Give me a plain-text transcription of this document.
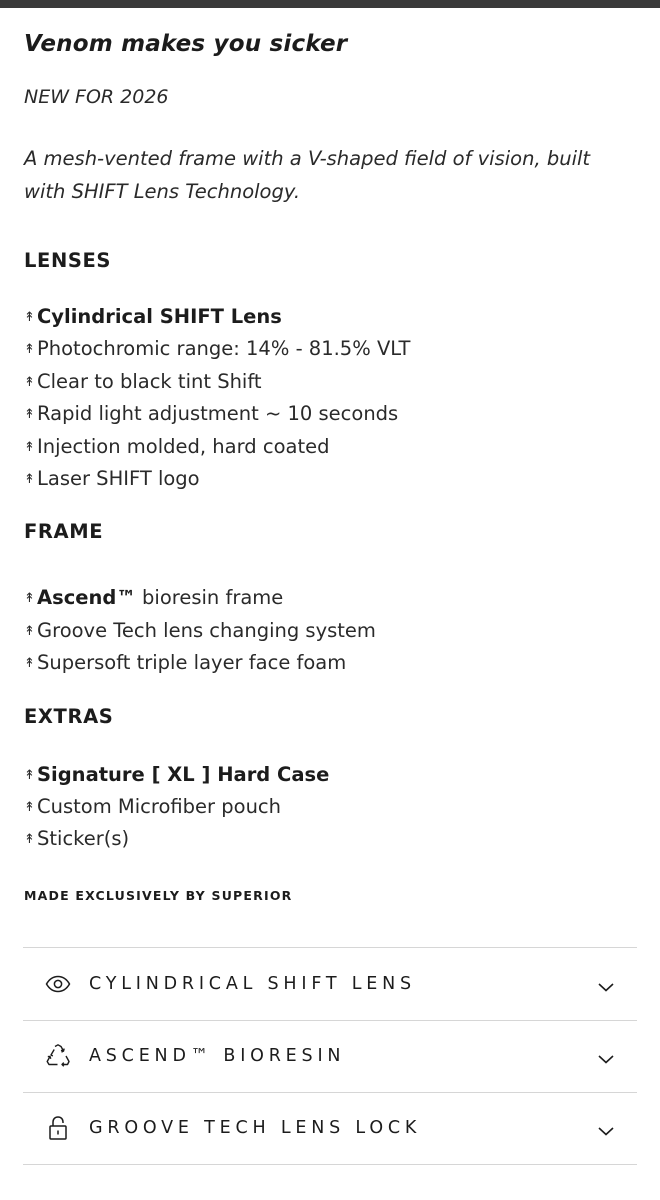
Venom makes you sicker

NEW FOR 2026

A mesh-vented frame with a V-shaped field of vision, built with SHIFT Lens Technology.

LENSES
↟ Cylindrical SHIFT Lens
↟ Photochromic range: 14% - 81.5% VLT
↟ Clear to black tint Shift
↟ Rapid light adjustment ~ 10 seconds
↟ Injection molded, hard coated
↟ Laser SHIFT logo
FRAME
↟ Ascend™ bioresin frame
↟ Groove Tech lens changing system
↟ Supersoft triple layer face foam
EXTRAS
↟ Signature [ XL ] Hard Case
↟ Custom Microfiber pouch
↟ Sticker(s)

MADE EXCLUSIVELY BY SUPERIOR

CYLINDRICAL SHIFT LENS
ASCEND™ BIORESIN
GROOVE TECH LENS LOCK
